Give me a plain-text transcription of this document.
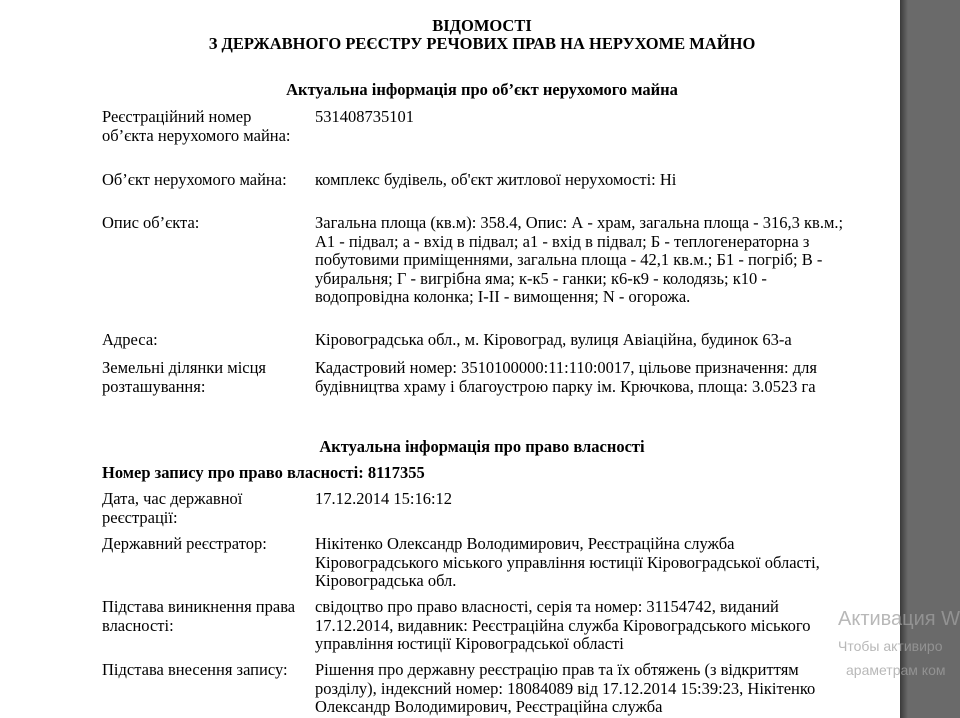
ВІДОМОСТІ

З ДЕРЖАВНОГО РЕЄСТРУ РЕЧОВИХ ПРАВ НА НЕРУХОМЕ МАЙНО

Актуальна інформація про об’єкт нерухомого майна

Реєстраційний номер об’єкта нерухомого майна:
531408735101
Об’єкт нерухомого майна:	комплекс будівель, об'єкт житлової нерухомості: Ні
Опис об’єкта:	Загальна площа (кв.м): 358.4, Опис: А - храм, загальна площа - 316,3 кв.м.; А1 - підвал; а - вхід в підвал; а1 - вхід в підвал; Б - теплогенераторна з побутовими приміщеннями, загальна площа - 42,1 кв.м.; Б1 - погріб; В - убиральня; Г - вигрібна яма; к-к5 - ганки; к6-к9 - колодязь; к10 - водопровідна колонка; І-ІІ - вимощення; N - огорожа.
Адреса:	Кіровоградська обл., м. Кіровоград, вулиця Авіаційна, будинок 63-а
Земельні ділянки місця розташування:
Кадастровий номер: 3510100000:11:110:0017, цільове призначення: для будівництва храму і благоустрою парку ім. Крючкова, площа: 3.0523 га

Актуальна інформація про право власності

Номер запису про право власності: 8117355

Дата, час державної реєстрації:
17.12.2014 15:16:12
Державний реєстратор:	Нікітенко Олександр Володимирович, Реєстраційна служба Кіровоградського міського управління юстиції Кіровоградської області, Кіровоградська обл.
Підстава виникнення права власності:
свідоцтво про право власності, серія та номер: 31154742, виданий 17.12.2014, видавник: Реєстраційна служба Кіровоградського міського управління юстиції Кіровоградської області
Підстава внесення запису:	Рішення про державну реєстрацію прав та їх обтяжень (з відкриттям розділу), індексний номер: 18084089 від 17.12.2014 15:39:23, Нікітенко Олександр Володимирович, Реєстраційна служба
Активация W
Чтобы активиро
араметрам ком
